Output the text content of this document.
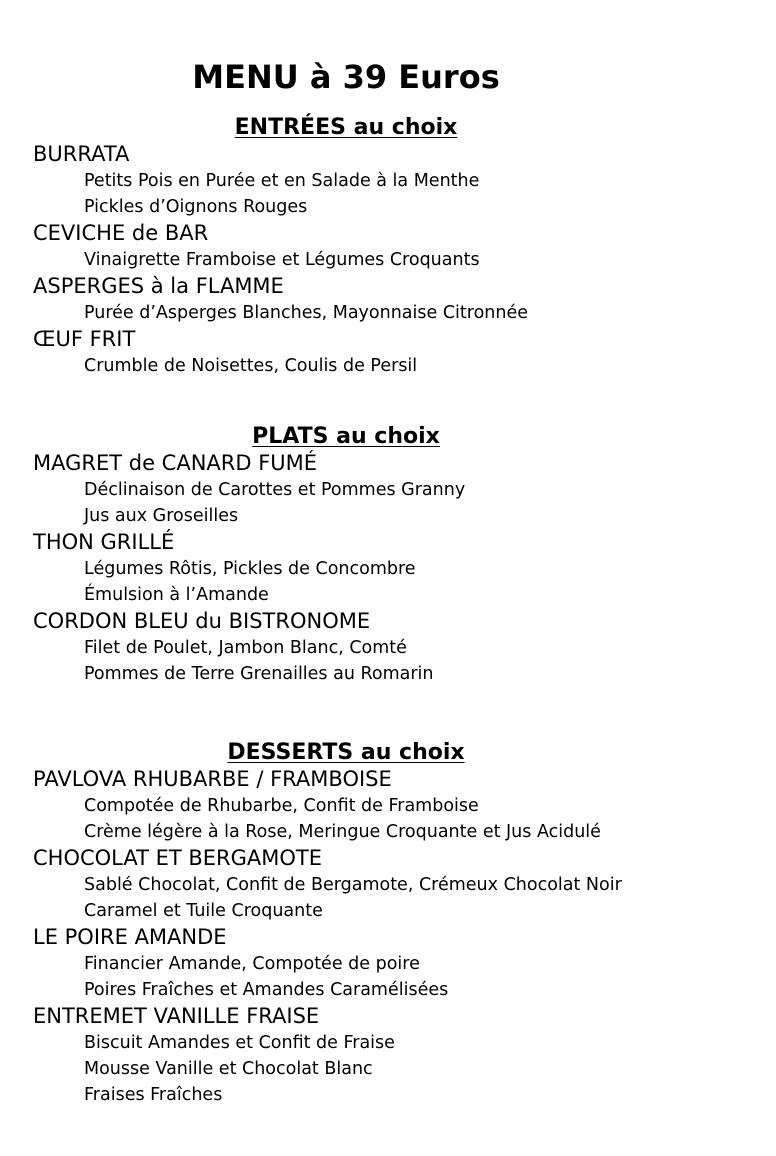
MENU à 39 Euros
ENTRÉES au choix
BURRATA
Petits Pois en Purée et en Salade à la Menthe
Pickles d’Oignons Rouges
CEVICHE de BAR
Vinaigrette Framboise et Légumes Croquants
ASPERGES à la FLAMME
Purée d’Asperges Blanches, Mayonnaise Citronnée
ŒUF FRIT
Crumble de Noisettes, Coulis de Persil
PLATS au choix
MAGRET de CANARD FUMÉ
Déclinaison de Carottes et Pommes Granny
Jus aux Groseilles
THON GRILLÉ
Légumes Rôtis, Pickles de Concombre
Émulsion à l’Amande
CORDON BLEU du BISTRONOME
Filet de Poulet, Jambon Blanc, Comté
Pommes de Terre Grenailles au Romarin
DESSERTS au choix
PAVLOVA RHUBARBE / FRAMBOISE
Compotée de Rhubarbe, Confit de Framboise
Crème légère à la Rose, Meringue Croquante et Jus Acidulé
CHOCOLAT ET BERGAMOTE
Sablé Chocolat, Confit de Bergamote, Crémeux Chocolat Noir
Caramel et Tuile Croquante
LE POIRE AMANDE
Financier Amande, Compotée de poire
Poires Fraîches et Amandes Caramélisées
ENTREMET VANILLE FRAISE
Biscuit Amandes et Confit de Fraise
Mousse Vanille et Chocolat Blanc
Fraises Fraîches
